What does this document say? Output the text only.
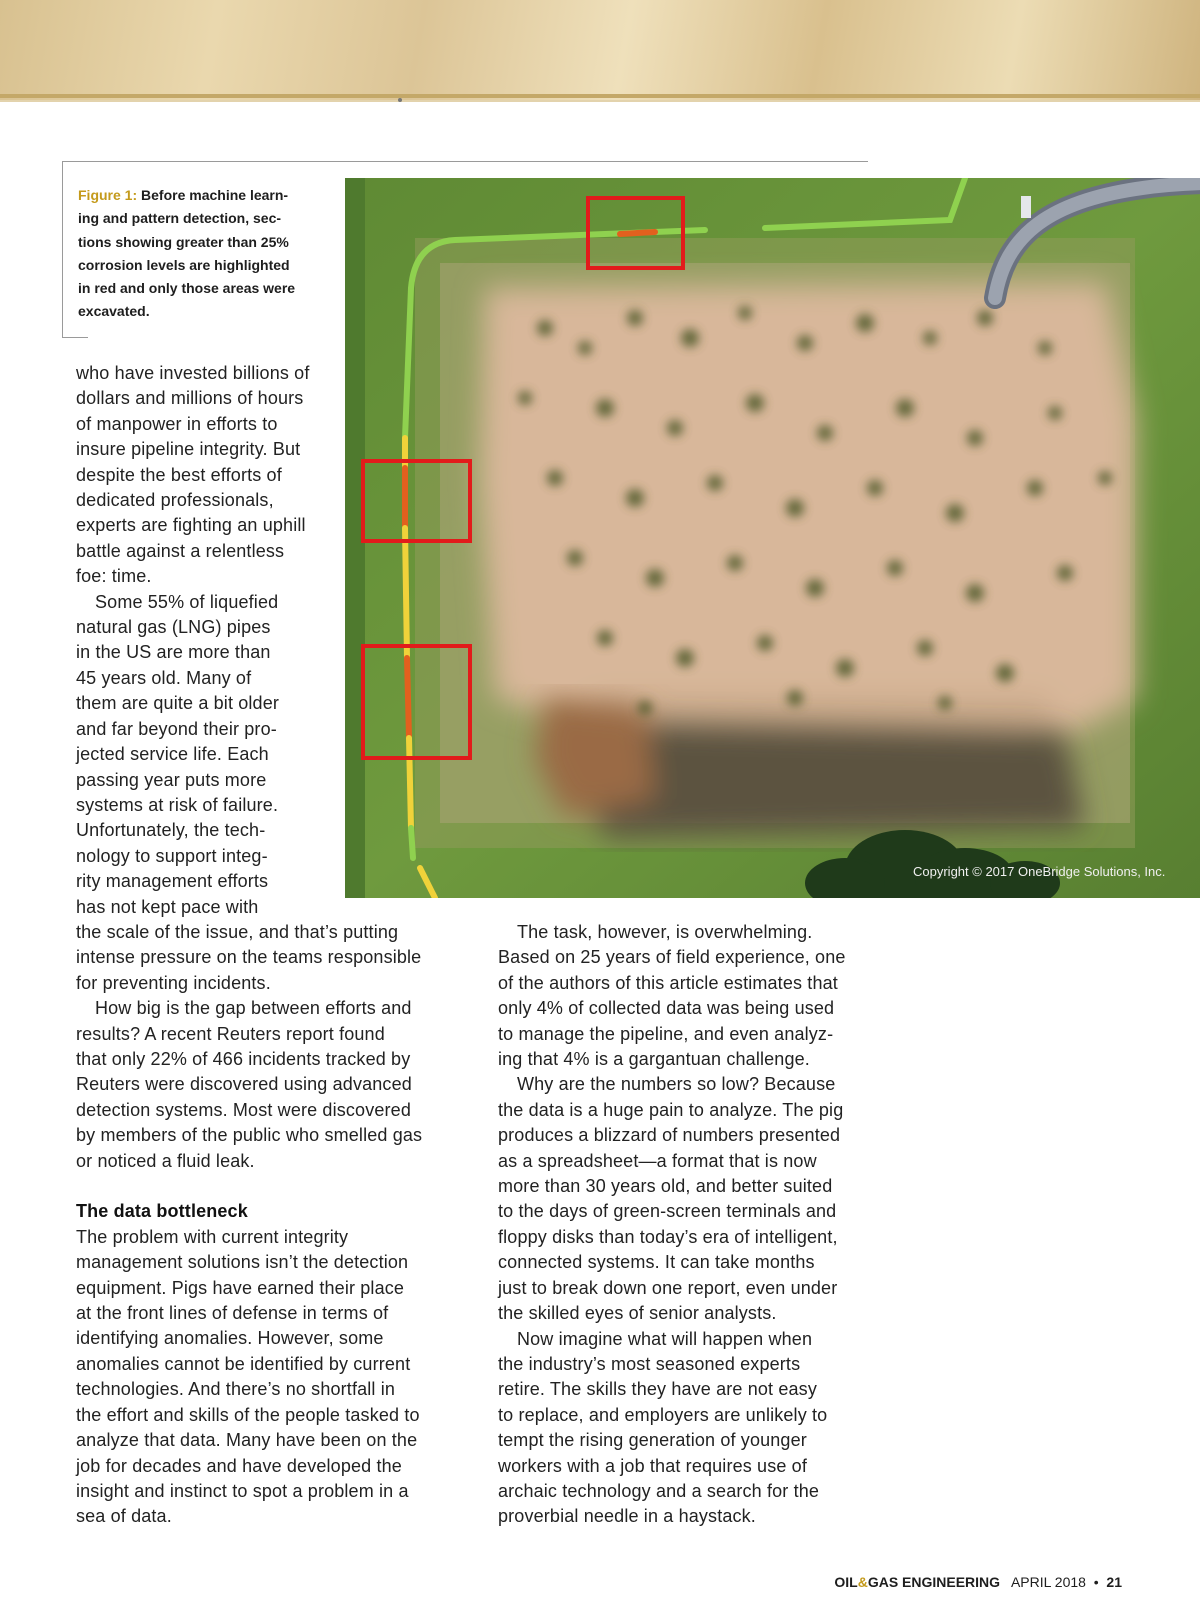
Figure 1: Before machine learn-
ing and pattern detection, sec-
tions showing greater than 25%
corrosion levels are highlighted
in red and only those areas were
excavated.

Copyright © 2017 OneBridge Solutions, Inc.

who have invested billions of

dollars and millions of hours

of manpower in efforts to

insure pipeline integrity. But

despite the best efforts of

dedicated professionals,

experts are fighting an uphill

battle against a relentless

foe: time.

Some 55% of liquefied

natural gas (LNG) pipes

in the US are more than

45 years old. Many of

them are quite a bit older

and far beyond their pro-

jected service life. Each

passing year puts more

systems at risk of failure.

Unfortunately, the tech-

nology to support integ-

rity management efforts

has not kept pace with

the scale of the issue, and that’s putting

intense pressure on the teams responsible

for preventing incidents.

How big is the gap between efforts and

results? A recent Reuters report found

that only 22% of 466 incidents tracked by

Reuters were discovered using advanced

detection systems. Most were discovered

by members of the public who smelled gas

or noticed a fluid leak.

The data bottleneck

The problem with current integrity

management solutions isn’t the detection

equipment. Pigs have earned their place

at the front lines of defense in terms of

identifying anomalies. However, some

anomalies cannot be identified by current

technologies. And there’s no shortfall in

the effort and skills of the people tasked to

analyze that data. Many have been on the

job for decades and have developed the

insight and instinct to spot a problem in a

sea of data.

The task, however, is overwhelming.

Based on 25 years of field experience, one

of the authors of this article estimates that

only 4% of collected data was being used

to manage the pipeline, and even analyz-

ing that 4% is a gargantuan challenge.

Why are the numbers so low? Because

the data is a huge pain to analyze. The pig

produces a blizzard of numbers presented

as a spreadsheet—a format that is now

more than 30 years old, and better suited

to the days of green-screen terminals and

floppy disks than today’s era of intelligent,

connected systems. It can take months

just to break down one report, even under

the skilled eyes of senior analysts.

Now imagine what will happen when

the industry’s most seasoned experts

retire. The skills they have are not easy

to replace, and employers are unlikely to

tempt the rising generation of younger

workers with a job that requires use of

archaic technology and a search for the

proverbial needle in a haystack.

OIL&GAS ENGINEERING APRIL 2018 • 21
